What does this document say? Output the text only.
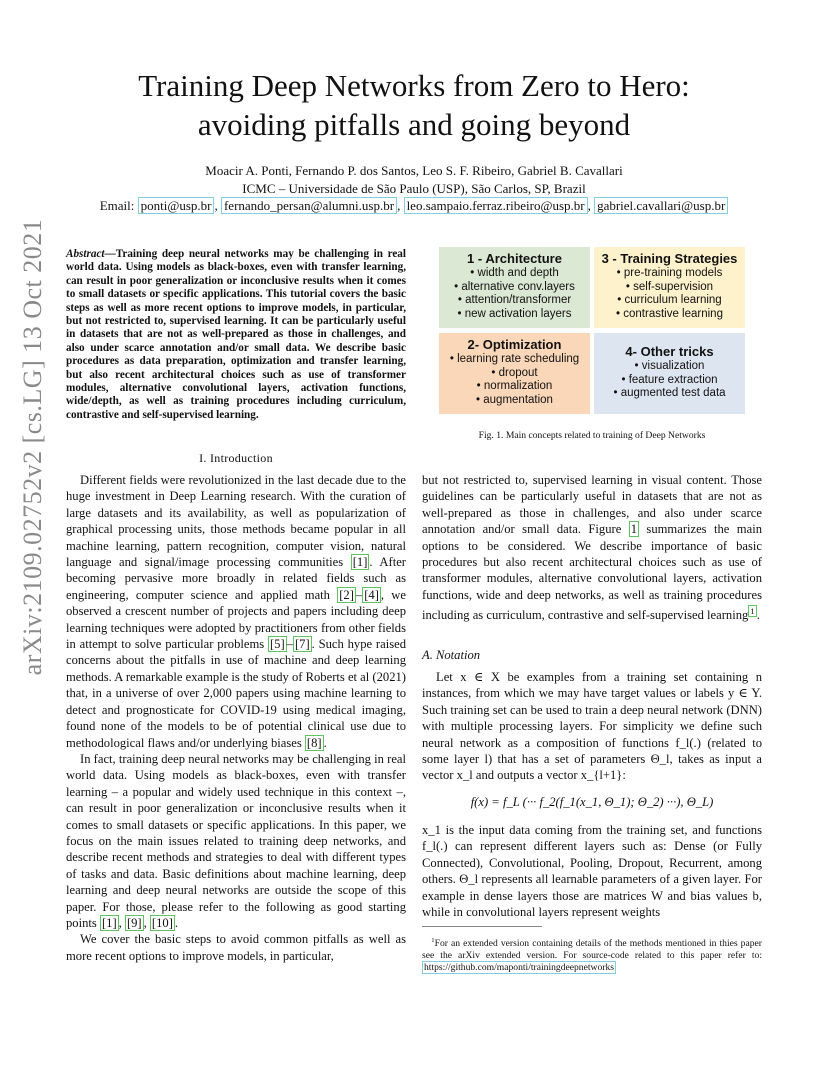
arXiv:2109.02752v2 [cs.LG] 13 Oct 2021
Training Deep Networks from Zero to Hero:
avoiding pitfalls and going beyond
Moacir A. Ponti, Fernando P. dos Santos, Leo S. F. Ribeiro, Gabriel B. Cavallari
ICMC – Universidade de São Paulo (USP), São Carlos, SP, Brazil
Email: ponti@usp.br , fernando_persan@alumni.usp.br , leo.sampaio.ferraz.ribeiro@usp.br , gabriel.cavallari@usp.br
Abstract—Training deep neural networks may be challenging in real world data. Using models as black-boxes, even with transfer learning, can result in poor generalization or inconclusive results when it comes to small datasets or specific applications. This tutorial covers the basic steps as well as more recent options to improve models, in particular, but not restricted to, supervised learning. It can be particularly useful in datasets that are not as well-prepared as those in challenges, and also under scarce annotation and/or small data. We describe basic procedures as data preparation, optimization and transfer learning, but also recent architectural choices such as use of transformer modules, alternative convolutional layers, activation functions, wide/depth, as well as training procedures including curriculum, contrastive and self-supervised learning.
1 - Architecture
• width and depth
• alternative conv.layers
• attention/transformer
• new activation layers
3 - Training Strategies
• pre-training models
• self-supervision
• curriculum learning
• contrastive learning
2- Optimization
• learning rate scheduling
• dropout
• normalization
• augmentation
4- Other tricks
• visualization
• feature extraction
• augmented test data
Fig. 1. Main concepts related to training of Deep Networks
I. Introduction

Different fields were revolutionized in the last decade due to the huge investment in Deep Learning research. With the curation of large datasets and its availability, as well as popularization of graphical processing units, those methods became popular in all machine learning, pattern recognition, computer vision, natural language and signal/image processing communities [1] . After becoming pervasive more broadly in related fields such as engineering, computer science and applied math [2] – [4] , we observed a crescent number of projects and papers including deep learning techniques were adopted by practitioners from other fields in attempt to solve particular problems [5] – [7] . Such hype raised concerns about the pitfalls in use of machine and deep learning methods. A remarkable example is the study of Roberts et al (2021) that, in a universe of over 2,000 papers using machine learning to detect and prognosticate for COVID-19 using medical imaging, found none of the models to be of potential clinical use due to methodological flaws and/or underlying biases [8] .

In fact, training deep neural networks may be challenging in real world data. Using models as black-boxes, even with transfer learning – a popular and widely used technique in this context –, can result in poor generalization or inconclusive results when it comes to small datasets or specific applications. In this paper, we focus on the main issues related to training deep networks, and describe recent methods and strategies to deal with different types of tasks and data. Basic definitions about machine learning, deep learning and deep neural networks are outside the scope of this paper. For those, please refer to the following as good starting points [1] , [9] , [10] .

We cover the basic steps to avoid common pitfalls as well as more recent options to improve models, in particular,

but not restricted to, supervised learning in visual content. Those guidelines can be particularly useful in datasets that are not as well-prepared as those in challenges, and also under scarce annotation and/or small data. Figure 1 summarizes the main options to be considered. We describe importance of basic procedures but also recent architectural choices such as use of transformer modules, alternative convolutional layers, activation functions, wide and deep networks, as well as training procedures including as curriculum, contrastive and self-supervised learning $^1$ .

A. Notation

Let x ∈ X be examples from a training set containing n instances, from which we may have target values or labels y ∈ Y. Such training set can be used to train a deep neural network (DNN) with multiple processing layers. For simplicity we define such neural network as a composition of functions f_l(.) (related to some layer l) that has a set of parameters Θ_l, takes as input a vector x_l and outputs a vector x_{l+1}:

f(x) = f_L (··· f_2(f_1(x_1, Θ_1); Θ_2) ···), Θ_L)

x_1 is the input data coming from the training set, and functions f_l(.) can represent different layers such as: Dense (or Fully Connected), Convolutional, Pooling, Dropout, Recurrent, among others. Θ_l represents all learnable parameters of a given layer. For example in dense layers those are matrices W and bias values b, while in convolutional layers represent weights

$^1$For an extended version containing details of the methods mentioned in thies paper see the arXiv extended version. For source-code related to this paper refer to: https://github.com/maponti/trainingdeepnetworks
